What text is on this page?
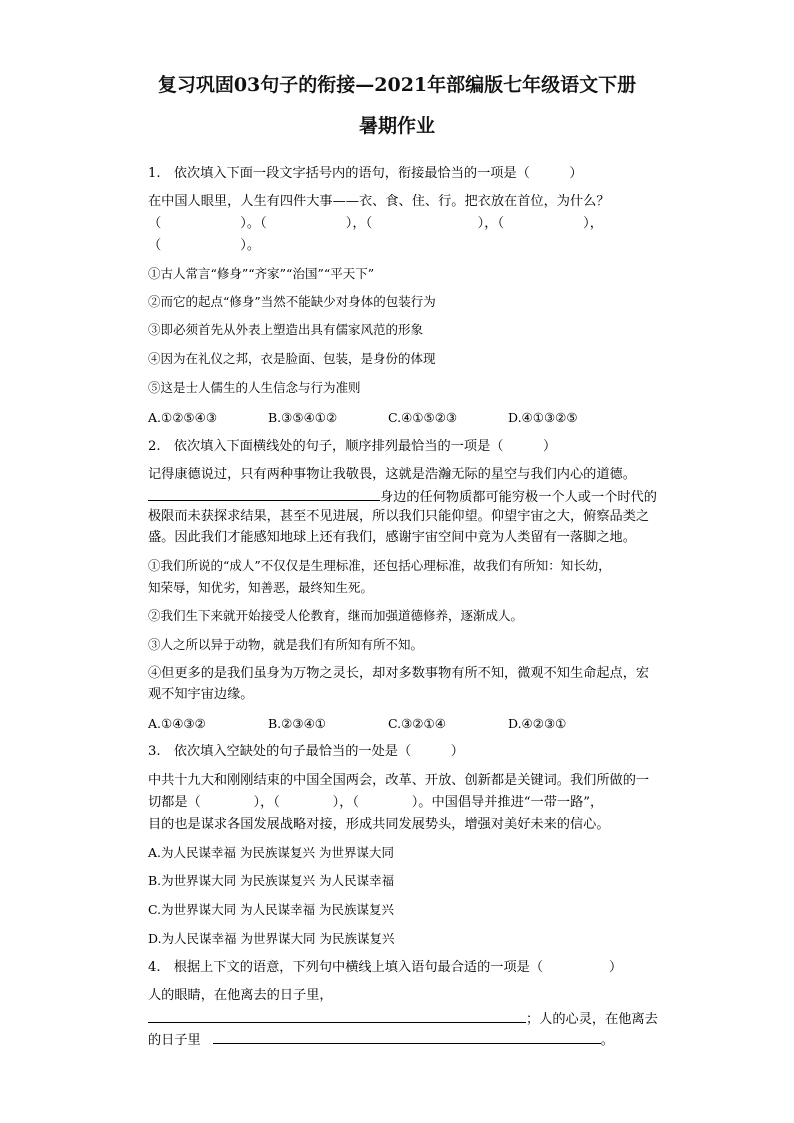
复习巩固03句子的衔接—2021年部编版七年级语文下册
暑期作业
1.　依次填入下面一段文字括号内的语句，衔接最恰当的一项是（　　　）
在中国人眼里，人生有四件大事——衣、食、住、行。把衣放在首位，为什么？
（　　　　　　）。（　　　　　　），（　　　　　　　　），（　　　　　　），
（　　　　　　）。
①古人常言“修身”“齐家”“治国”“平天下”
②而它的起点“修身”当然不能缺少对身体的包装行为
③即必须首先从外表上塑造出具有儒家风范的形象
④因为在礼仪之邦，衣是脸面、包装，是身份的体现
⑤这是士人儒生的人生信念与行为准则
A.①②⑤④③	B.③⑤④①②	C.④①⑤②③	D.④①③②⑤
2.　依次填入下面横线处的句子，顺序排列最恰当的一项是（　　　）
记得康德说过，只有两种事物让我敬畏，这就是浩瀚无际的星空与我们内心的道德。
身边的任何物质都可能穷极一个人或一个时代的
极限而未获探求结果，甚至不见进展，所以我们只能仰望。仰望宇宙之大，俯察品类之
盛。因此我们才能感知地球上还有我们，感谢宇宙空间中竟为人类留有一落脚之地。
①我们所说的“成人”不仅仅是生理标准，还包括心理标准，故我们有所知：知长幼，
知荣辱，知优劣，知善恶，最终知生死。
②我们生下来就开始接受人伦教育，继而加强道德修养，逐渐成人。
③人之所以异于动物，就是我们有所知有所不知。
④但更多的是我们虽身为万物之灵长，却对多数事物有所不知，微观不知生命起点，宏
观不知宇宙边缘。
A.①④③②	B.②③④①	C.③②①④	D.④②③①
3.　依次填入空缺处的句子最恰当的一处是（　　　）
中共十九大和刚刚结束的中国全国两会，改革、开放、创新都是关键词。我们所做的一
切都是（　　　　），（　　　　），（　　　　）。中国倡导并推进“一带一路”，
目的也是谋求各国发展战略对接，形成共同发展势头，增强对美好未来的信心。
A.为人民谋幸福 为民族谋复兴 为世界谋大同
B.为世界谋大同 为民族谋复兴 为人民谋幸福
C.为世界谋大同 为人民谋幸福 为民族谋复兴
D.为人民谋幸福 为世界谋大同 为民族谋复兴
4.　根据上下文的语意，下列句中横线上填入语句最合适的一项是（　　　　　）
人的眼睛，在他离去的日子里，
；人的心灵，在他离去
的日子里	。
